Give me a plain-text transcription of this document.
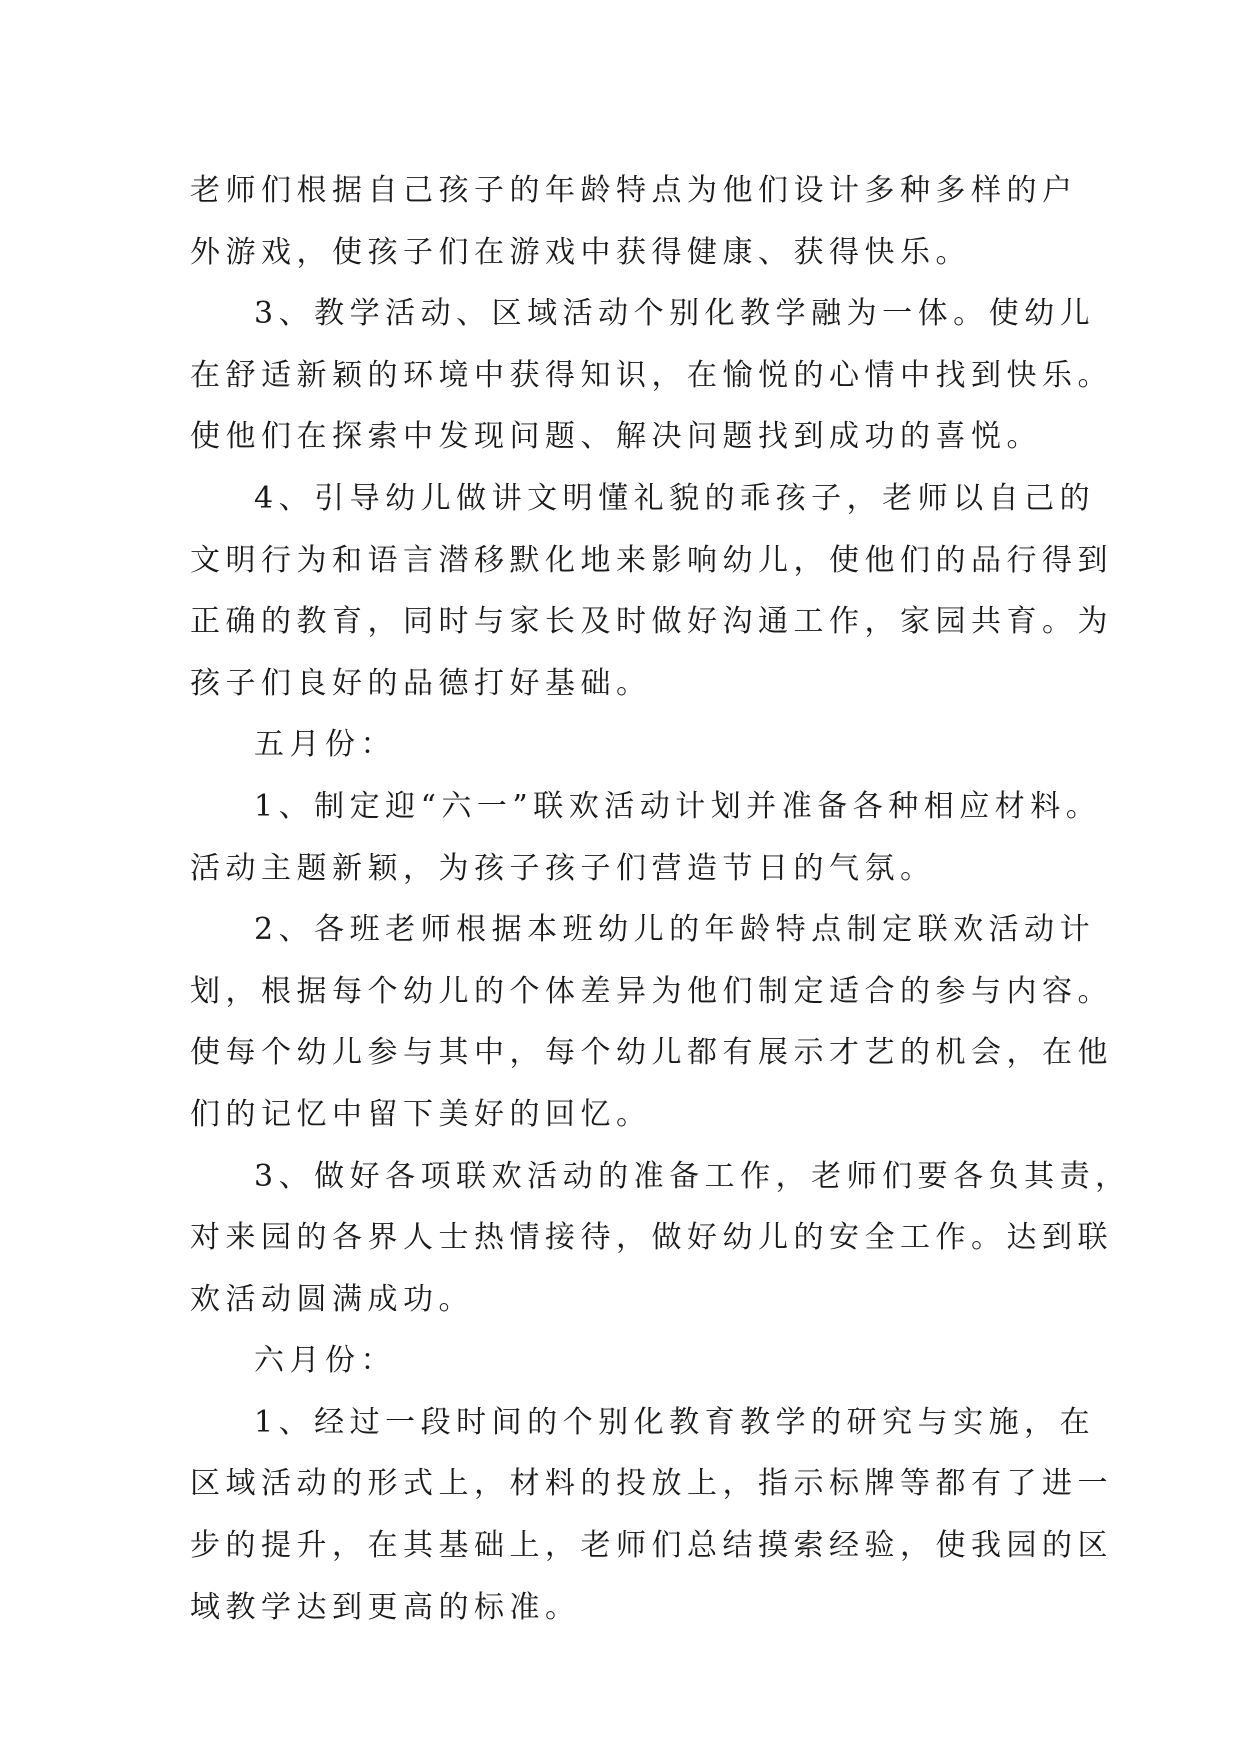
老师们根据自己孩子的年龄特点为他们设计多种多样的户
外游戏，使孩子们在游戏中获得健康、获得快乐。
3、教学活动、区域活动个别化教学融为一体。使幼儿
在舒适新颖的环境中获得知识，在愉悦的心情中找到快乐。
使他们在探索中发现问题、解决问题找到成功的喜悦。
4、引导幼儿做讲文明懂礼貌的乖孩子，老师以自己的
文明行为和语言潜移默化地来影响幼儿，使他们的品行得到
正确的教育，同时与家长及时做好沟通工作，家园共育。为
孩子们良好的品德打好基础。
五月份：
1、制定迎“六一”联欢活动计划并准备各种相应材料。
活动主题新颖，为孩子孩子们营造节日的气氛。
2、各班老师根据本班幼儿的年龄特点制定联欢活动计
划，根据每个幼儿的个体差异为他们制定适合的参与内容。
使每个幼儿参与其中，每个幼儿都有展示才艺的机会，在他
们的记忆中留下美好的回忆。
3、做好各项联欢活动的准备工作，老师们要各负其责，
对来园的各界人士热情接待，做好幼儿的安全工作。达到联
欢活动圆满成功。
六月份：
1、经过一段时间的个别化教育教学的研究与实施，在
区域活动的形式上，材料的投放上，指示标牌等都有了进一
步的提升，在其基础上，老师们总结摸索经验，使我园的区
域教学达到更高的标准。
